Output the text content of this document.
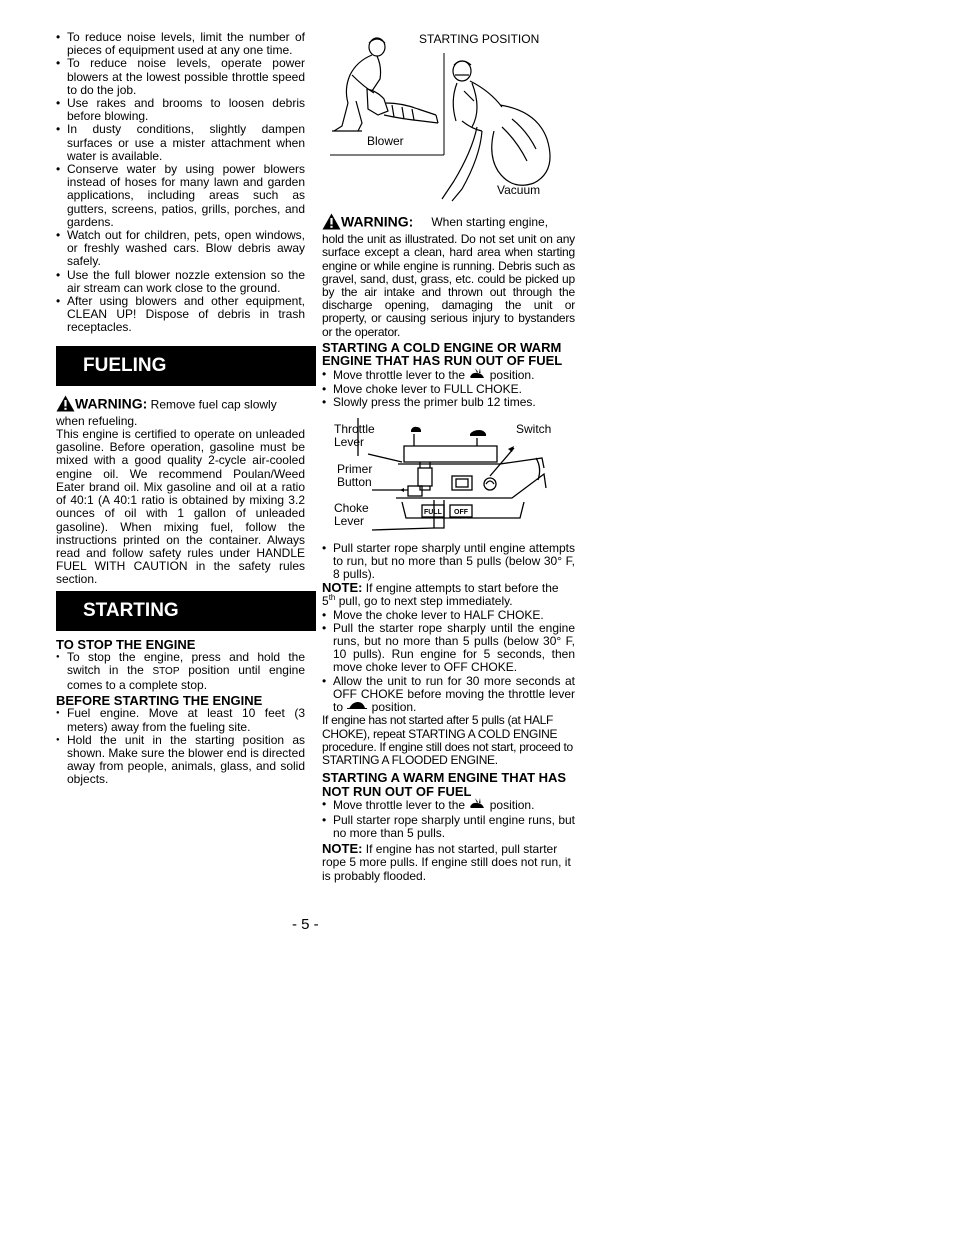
• To reduce noise levels, limit the number of pieces of equipment used at any one time.
• To reduce noise levels, operate power blowers at the lowest possible throttle speed to do the job.
• Use rakes and brooms to loosen debris before blowing.
• In dusty conditions, slightly dampen surfaces or use a mister attachment when water is available.
• Conserve water by using power blowers instead of hoses for many lawn and garden applications, including areas such as gutters, screens, patios, grills, porches, and gardens.
• Watch out for children, pets, open windows, or freshly washed cars. Blow debris away safely.
• Use the full blower nozzle extension so the air stream can work close to the ground.
• After using blowers and other equipment, CLEAN UP! Dispose of debris in trash receptacles.
FUELING
WARNING: Remove fuel cap slowly when refueling.

This engine is certified to operate on unleaded gasoline. Before operation, gasoline must be mixed with a good quality 2-cycle air-cooled engine oil. We recommend Poulan/Weed Eater brand oil. Mix gasoline and oil at a ratio of 40:1 (A 40:1 ratio is obtained by mixing 3.2 ounces of oil with 1 gallon of unleaded gasoline). When mixing fuel, follow the instructions printed on the container. Always read and follow safety rules under HANDLE FUEL WITH CAUTION in the safety rules section.

STARTING
TO STOP THE ENGINE
● To stop the engine, press and hold the switch in the STOP position until engine comes to a complete stop.
BEFORE STARTING THE ENGINE
● Fuel engine. Move at least 10 feet (3 meters) away from the fueling site.
● Hold the unit in the starting position as shown. Make sure the blower end is directed away from people, animals, glass, and solid objects.
STARTING POSITION
Blower
Vacuum
WARNING: When starting engine,

hold the unit as illustrated. Do not set unit on any surface except a clean, hard area when starting engine or while engine is running. Debris such as gravel, sand, dust, grass, etc. could be picked up by the air intake and thrown out through the discharge opening, damaging the unit or property, or causing serious injury to bystanders or the operator.

STARTING A COLD ENGINE OR WARM ENGINE THAT HAS RUN OUT OF FUEL
• Move throttle lever to the  position.
• Move choke lever to FULL CHOKE.
• Slowly press the primer bulb 12 times.
FULL OFF
Throttle Lever
Switch
Primer Button
Choke Lever
• Pull starter rope sharply until engine attempts to run, but no more than 5 pulls (below 30° F, 8 pulls).

NOTE: If engine attempts to start before the 5th pull, go to next step immediately.

• Move the choke lever to HALF CHOKE.
• Pull the starter rope sharply until the engine runs, but no more than 5 pulls (below 30° F, 10 pulls). Run engine for 5 seconds, then move choke lever to OFF CHOKE.
• Allow the unit to run for 30 more seconds at OFF CHOKE before moving the throttle lever to  position.

If engine has not started after 5 pulls (at HALF CHOKE), repeat STARTING A COLD ENGINE procedure. If engine still does not start, proceed to STARTING A FLOODED ENGINE.

STARTING A WARM ENGINE THAT HAS NOT RUN OUT OF FUEL
• Move throttle lever to the  position.
• Pull starter rope sharply until engine runs, but no more than 5 pulls.

NOTE: If engine has not started, pull starter rope 5 more pulls. If engine still does not run, it is probably flooded.

- 5 -
